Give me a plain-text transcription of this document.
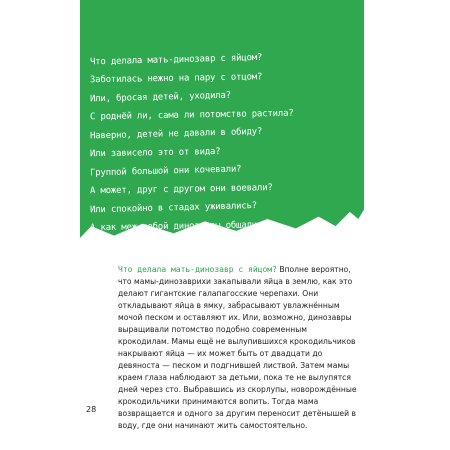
Что делала мать-динозавр с яйцом?
Заботилась нежно на пару с отцом?
Или, бросая детей, уходила?
С роднёй ли, сама ли потомство растила?
Наверно, детей не давали в обиду?
Или зависело это от вида?
Группой большой они кочевали?
А может, друг с другом они воевали?
Или спокойно в стадах уживались?
А как меж собой динозавры общались?..

Что делала мать-динозавр с яйцом? Вполне вероятно, что мамы-динозаврихи закапывали яйца в землю, как это делают гигантские галапагосские черепахи. Они откладывают яйца в ямку, забрасывают увлажнённым мочой песком и оставляют их. Или, возможно, динозавры выращивали потомство подобно современным крокодилам. Мамы ещё не вылупившихся крокодильчиков накрывают яйца — их может быть от двадцати до девяноста — песком и подгнившей листвой. Затем мамы краем глаза наблюдают за детьми, пока те не вылупятся дней через сто. Выбравшись из скорлупы, новорождённые крокодильчики принимаются вопить. Тогда мама возвращается и одного за другим переносит детёнышей в воду, где они начинают жить самостоятельно.

28
